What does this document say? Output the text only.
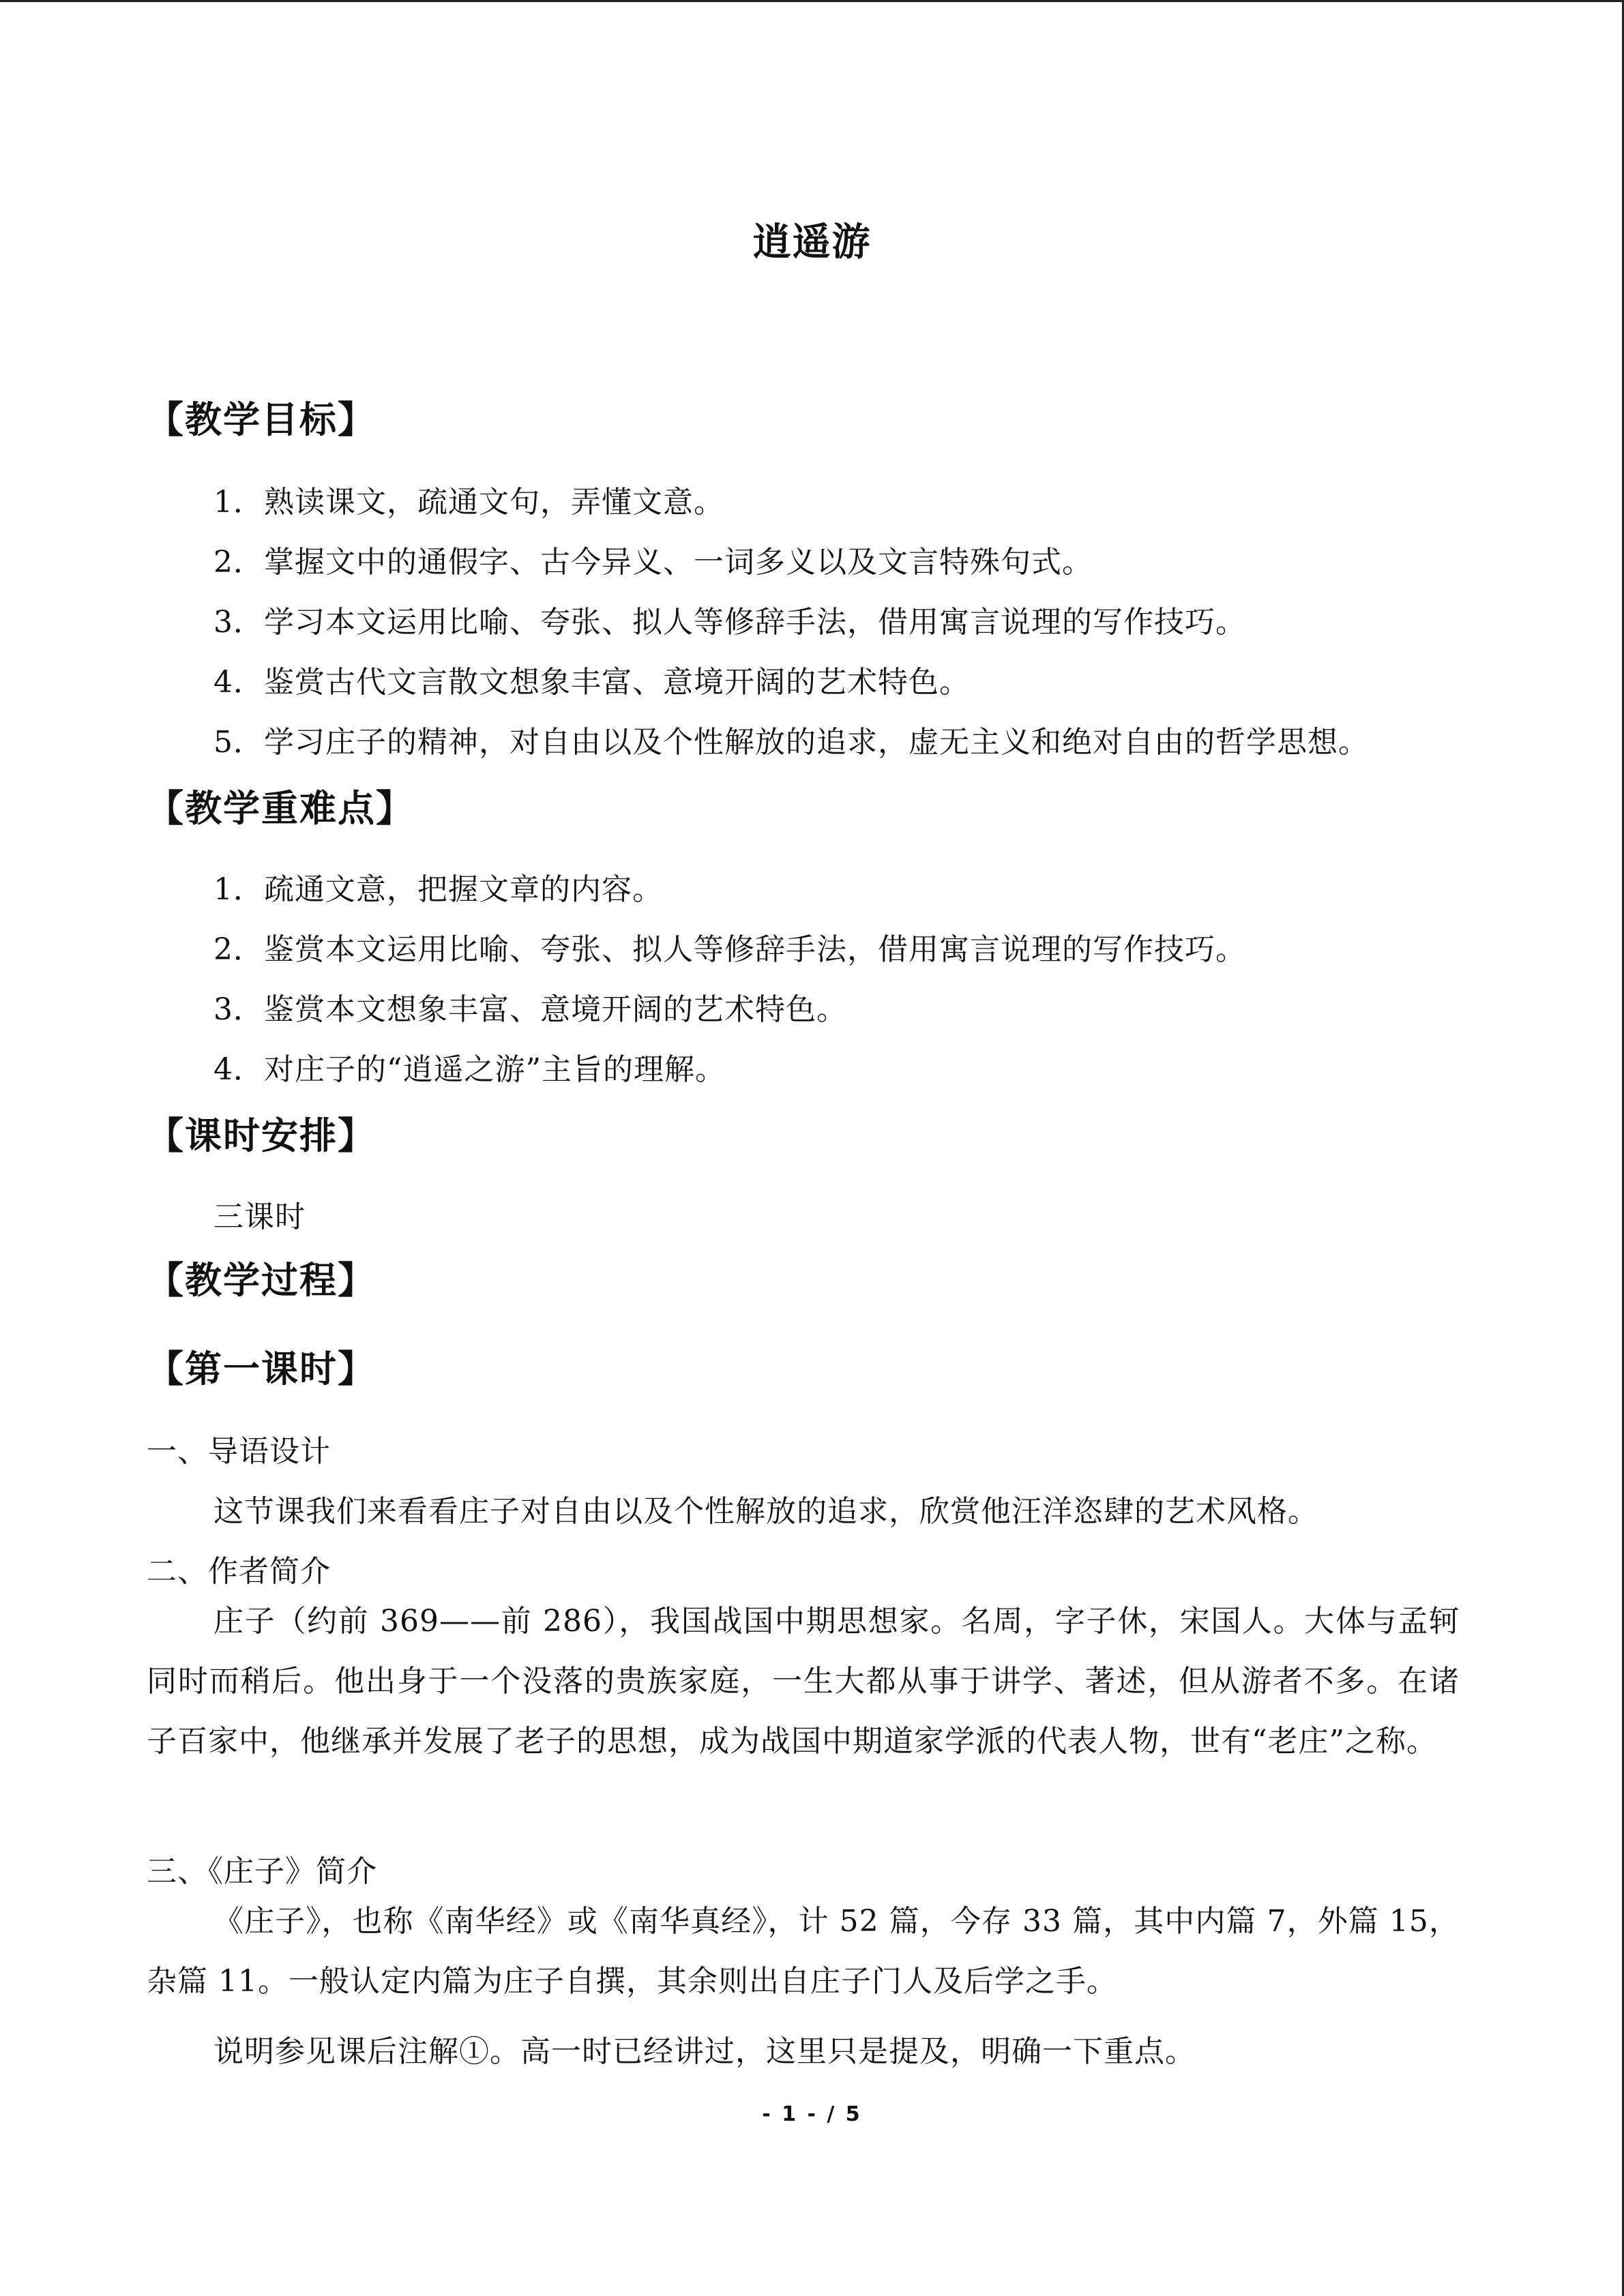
逍遥游
【教学目标】
1．熟读课文，疏通文句，弄懂文意。
2．掌握文中的通假字、古今异义、一词多义以及文言特殊句式。
3．学习本文运用比喻、夸张、拟人等修辞手法，借用寓言说理的写作技巧。
4．鉴赏古代文言散文想象丰富、意境开阔的艺术特色。
5．学习庄子的精神，对自由以及个性解放的追求，虚无主义和绝对自由的哲学思想。
【教学重难点】
1．疏通文意，把握文章的内容。
2．鉴赏本文运用比喻、夸张、拟人等修辞手法，借用寓言说理的写作技巧。
3．鉴赏本文想象丰富、意境开阔的艺术特色。
4．对庄子的“逍遥之游”主旨的理解。
【课时安排】
三课时
【教学过程】
【第一课时】
一、导语设计
这节课我们来看看庄子对自由以及个性解放的追求，欣赏他汪洋恣肆的艺术风格。
二、作者简介
庄子（约前 369——前 286），我国战国中期思想家。名周，字子休，宋国人。大体与孟轲同时而稍后。他出身于一个没落的贵族家庭，一生大都从事于讲学、著述，但从游者不多。在诸子百家中，他继承并发展了老子的思想，成为战国中期道家学派的代表人物，世有“老庄”之称。
三、《庄子》简介
《庄子》，也称《南华经》或《南华真经》，计 52 篇，今存 33 篇，其中内篇 7，外篇 15，杂篇 11。一般认定内篇为庄子自撰，其余则出自庄子门人及后学之手。
说明参见课后注解①。高一时已经讲过，这里只是提及，明确一下重点。
- 1 - / 5
